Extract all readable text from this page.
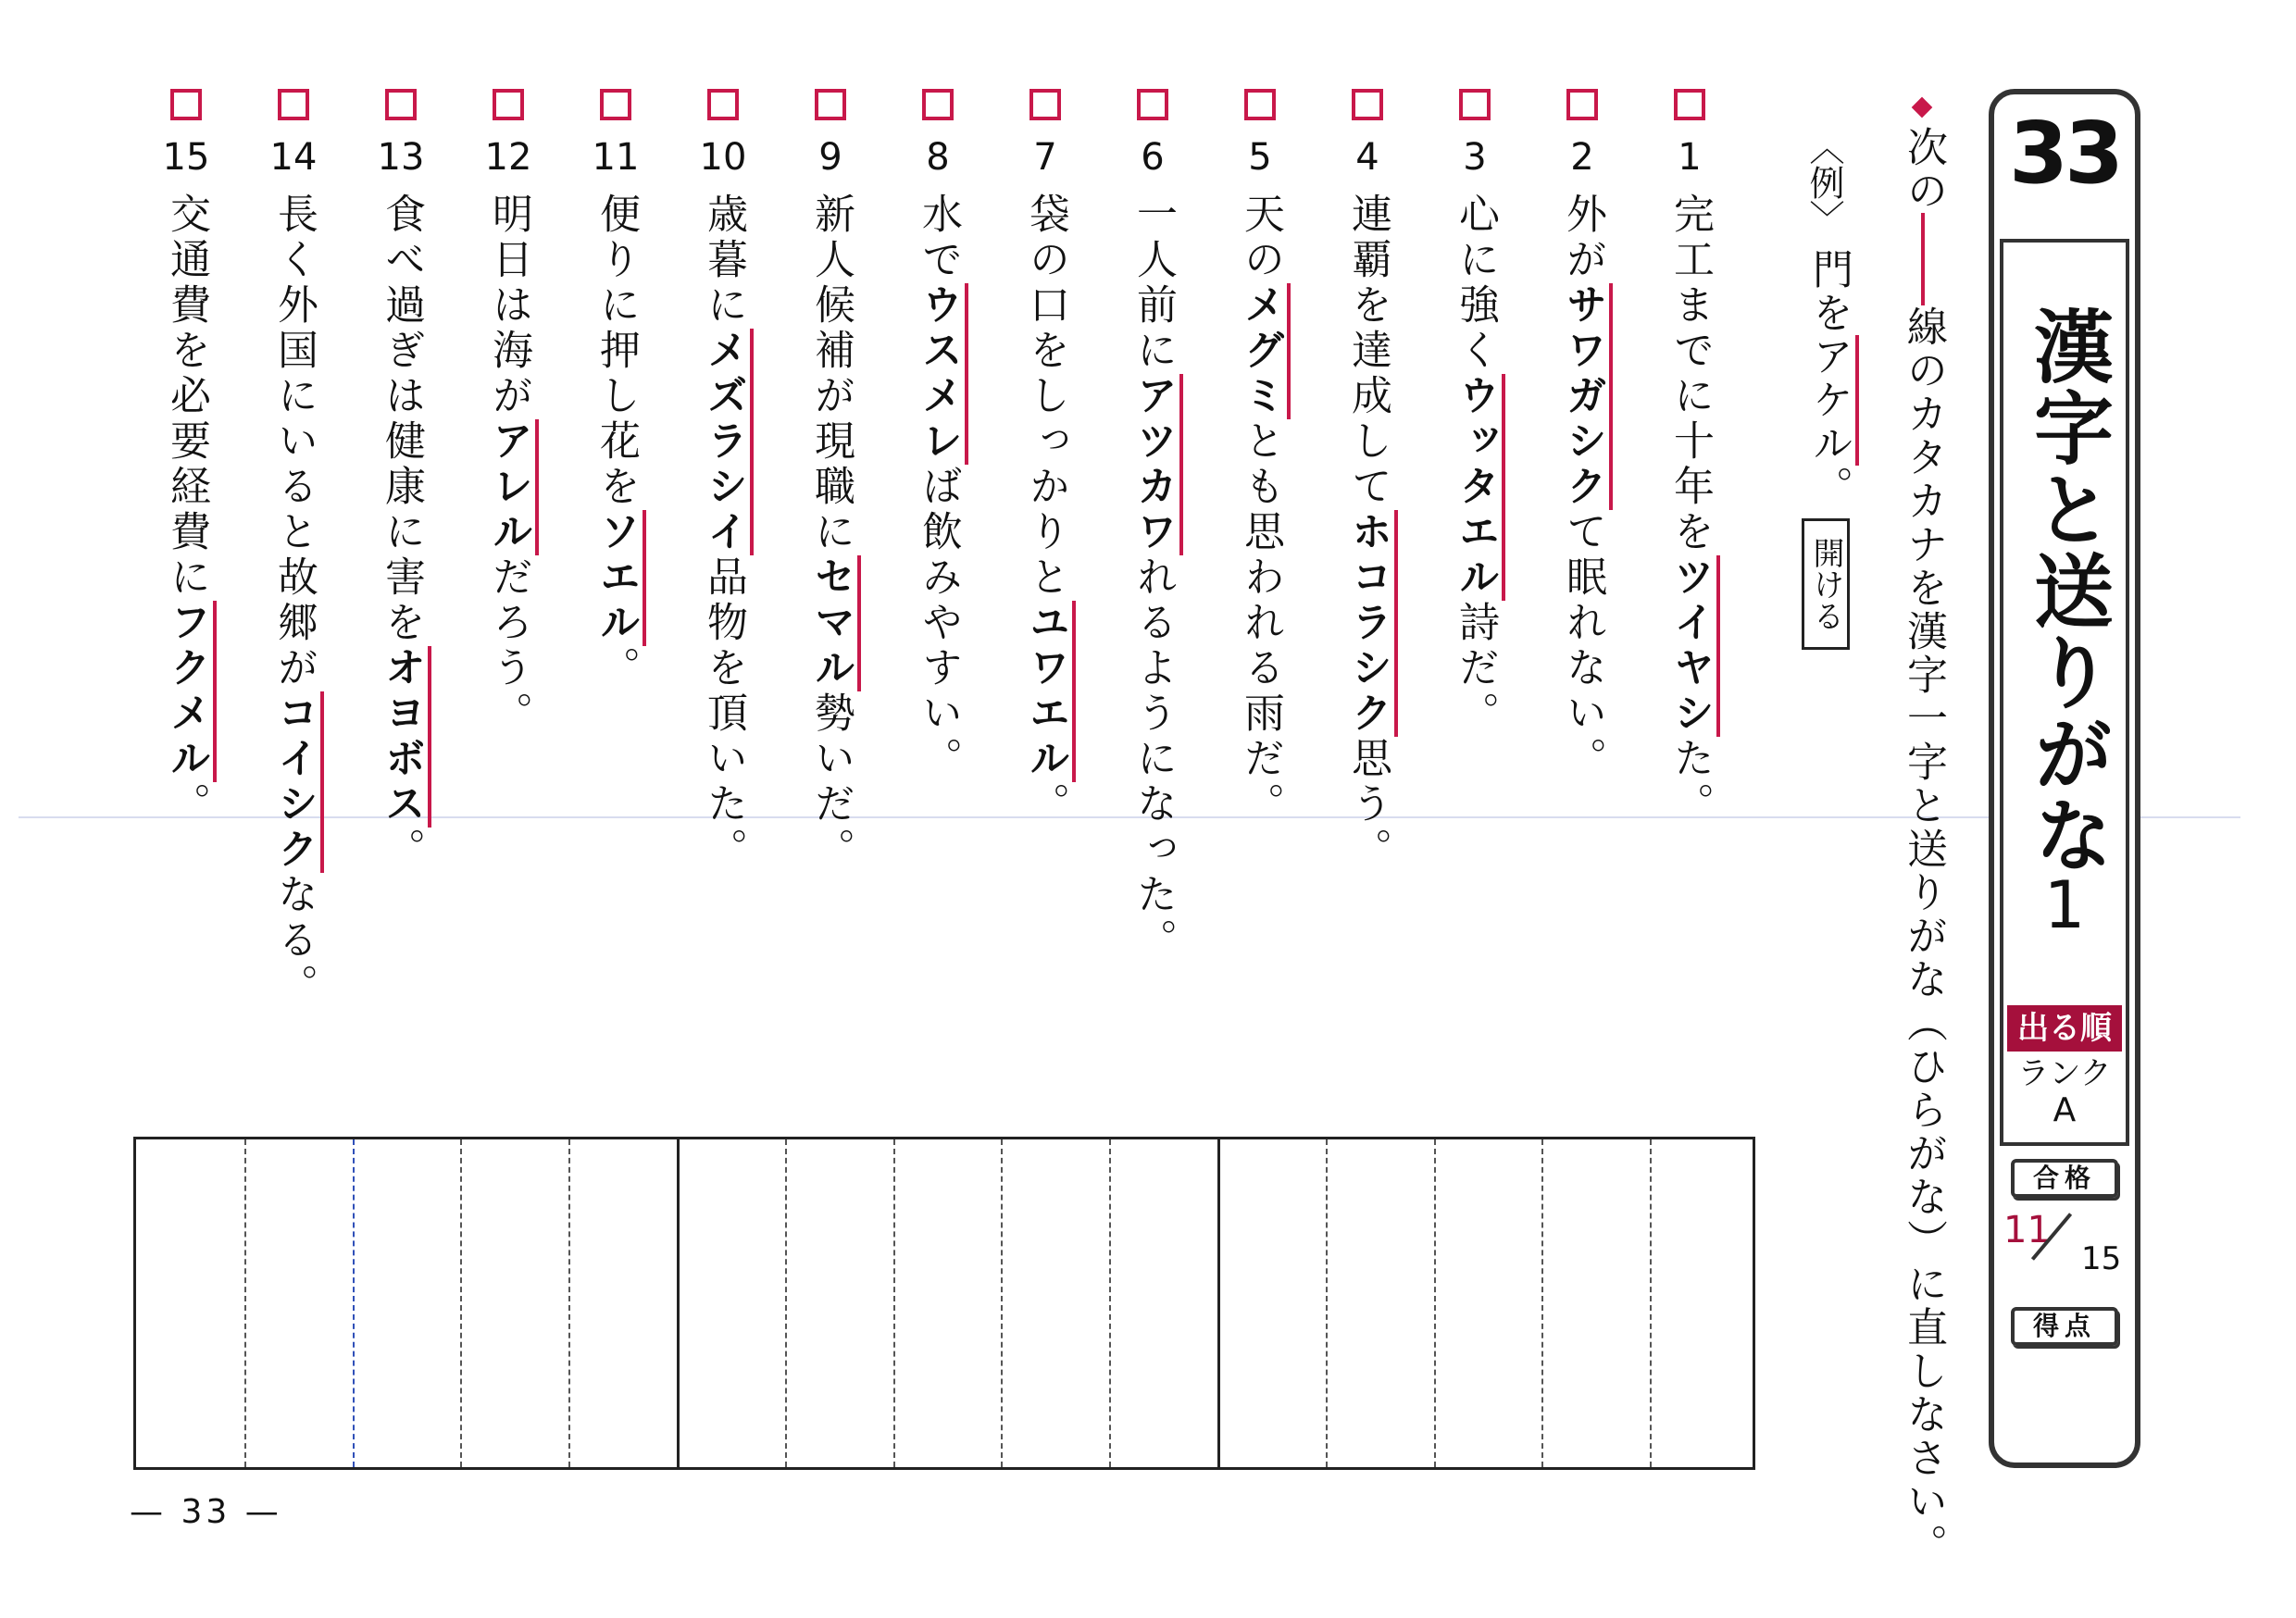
33
漢字と送りがな
1
出る順
ランク
A
合格
11
15
得点
次の線のカタカナを漢字一字と送りがな（ひらがな）に直しなさい。
〈例〉
門をアケル。
開ける
1
完工までに十年をツイヤシた。
2
外がサワガシクて眠れない。
3
心に強くウッタエル詩だ。
4
連覇を達成してホコラシク思う。
5
天のメグミとも思われる雨だ。
6
一人前にアツカワれるようになった。
7
袋の口をしっかりとユワエル。
8
水でウスメレば飲みやすい。
9
新人候補が現職にセマル勢いだ。
10
歳暮にメズラシイ品物を頂いた。
11
便りに押し花をソエル。
12
明日は海がアレルだろう。
13
食べ過ぎは健康に害をオヨボス。
14
長く外国にいると故郷がコイシクなる。
15
交通費を必要経費にフクメル。
— 33 —
